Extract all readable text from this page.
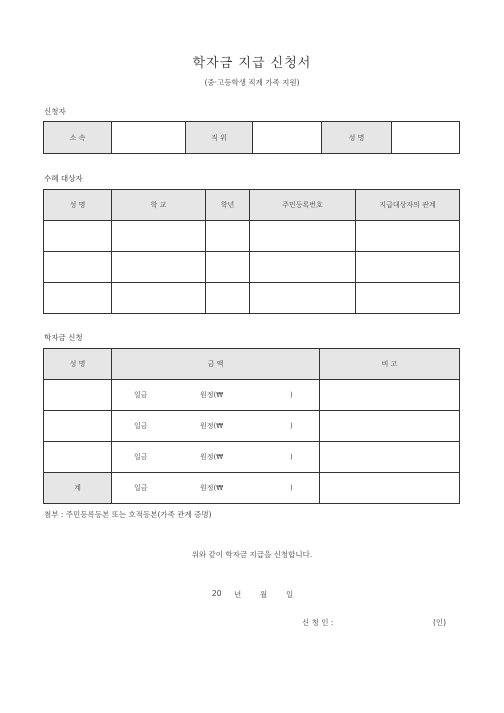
학자금 지급 신청서
(중·고등학생 직계 가족 지원)
신청자
소 속		직 위		성 명	
수혜 대상자
성 명	학 교	학년	주민등록번호	지급대상자의 관계

학자금 신청
성 명	금 액	비 고

	일금 원정(₩ )	

	일금 원정(₩ )	

	일금 원정(₩ )	

계	일금 원정(₩ )	

첨부 : 주민등록등본 또는 호적등본(가족 관계 증명)
위와 같이 학자금 지급을 신청합니다.
20 년	월	일
신 청 인 :	(인)
